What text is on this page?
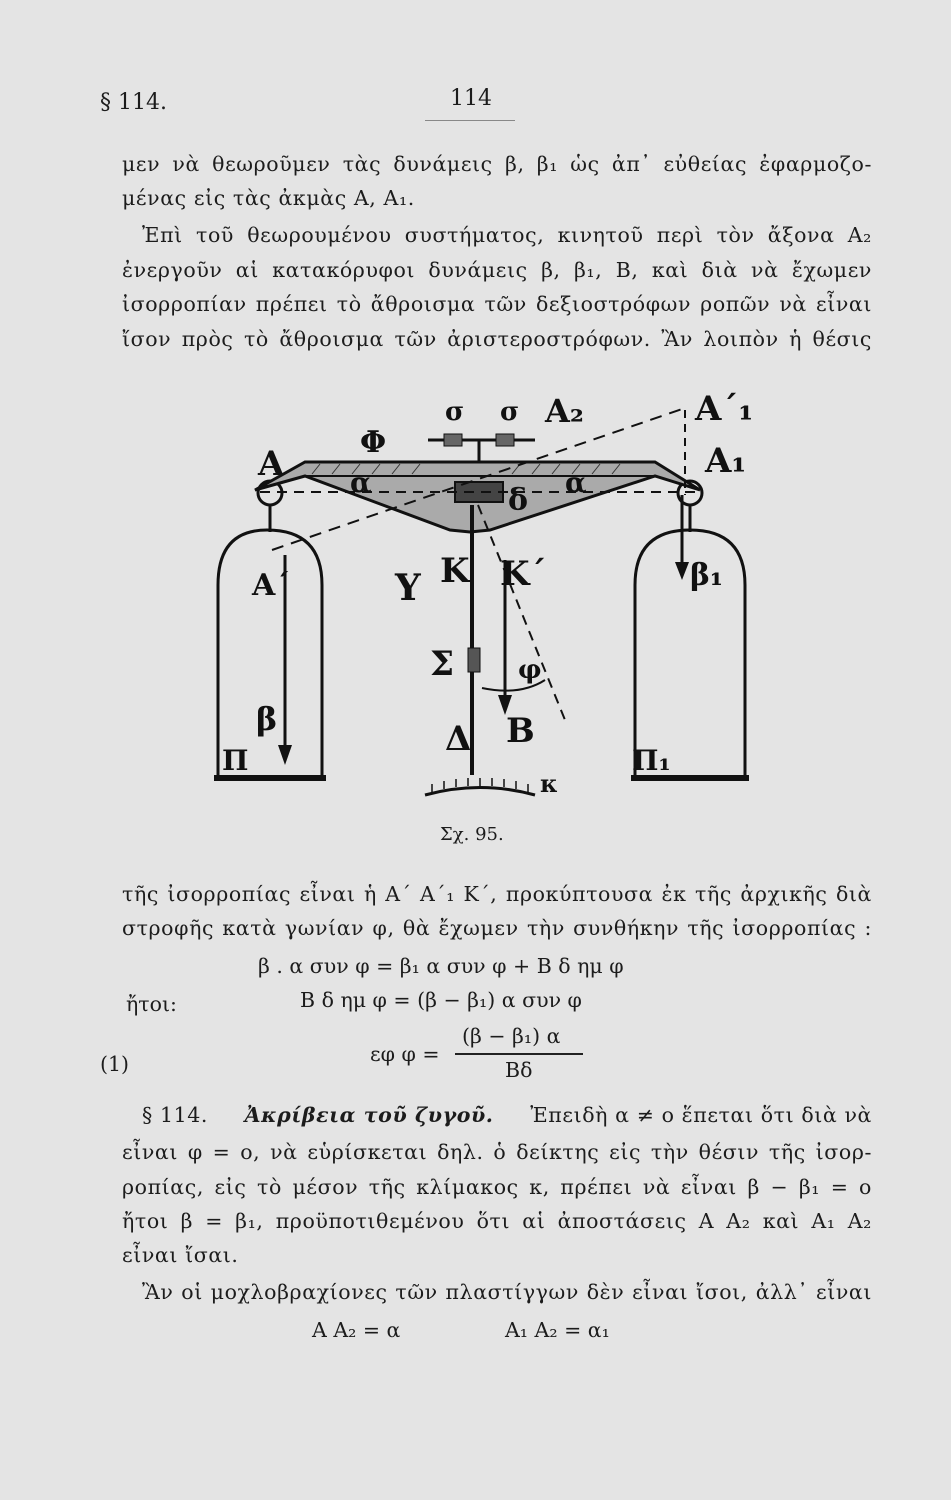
§ 114.	114
μεν νὰ θεωροῦμεν τὰς δυνάμεις β, β₁ ὡς ἀπ᾽ εὐθείας ἐφαρμοζο-
μένας εἰς τὰς ἀκμὰς Α, Α₁.
Ἐπὶ τοῦ θεωρουμένου συστήματος, κινητοῦ περὶ τὸν ἄξονα Α₂
ἐνεργοῦν αἱ κατακόρυφοι δυνάμεις β, β₁, Β, καὶ διὰ νὰ ἔχωμεν
ἰσορροπίαν πρέπει τὸ ἄθροισμα τῶν δεξιοστρόφων ροπῶν νὰ εἶναι
ἴσον πρὸς τὸ ἄθροισμα τῶν ἀριστεροστρόφων. Ἂν λοιπὸν ἡ θέσις
Α
Α΄
Φ
σ σ Α₂	Α΄₁
Α₁
α	α
δ
Υ Κ Κ΄
Σ φ
Δ Β
β
β₁
Π	Π₁
κ
Σχ. 95.
τῆς ἰσορροπίας εἶναι ἡ Α΄ Α΄₁ Κ΄, προκύπτουσα ἐκ τῆς ἀρχικῆς διὰ
στροφῆς κατὰ γωνίαν φ, θὰ ἔχωμεν τὴν συνθήκην τῆς ἰσορροπίας :
β . α συν φ = β₁ α συν φ + Β δ ημ φ
ἤτοι:	Β δ ημ φ = (β − β₁) α συν φ
(1)	εφ φ =
(β − β₁) α
Βδ
§ 114. Ἀκρίβεια τοῦ ζυγοῦ. Ἐπειδὴ α ≠ ο ἕπεται ὅτι διὰ νὰ
εἶναι φ = ο, νὰ εὑρίσκεται δηλ. ὁ δείκτης εἰς τὴν θέσιν τῆς ἰσορ-
ροπίας, εἰς τὸ μέσον τῆς κλίμακος κ, πρέπει νὰ εἶναι β − β₁ = ο
ἤτοι β = β₁, προϋποτιθεμένου ὅτι αἱ ἀποστάσεις Α Α₂ καὶ Α₁ Α₂
εἶναι ἴσαι.
Ἂν οἱ μοχλοβραχίονες τῶν πλαστίγγων δὲν εἶναι ἴσοι, ἀλλ᾽ εἶναι
Α Α₂ = α	Α₁ Α₂ = α₁
